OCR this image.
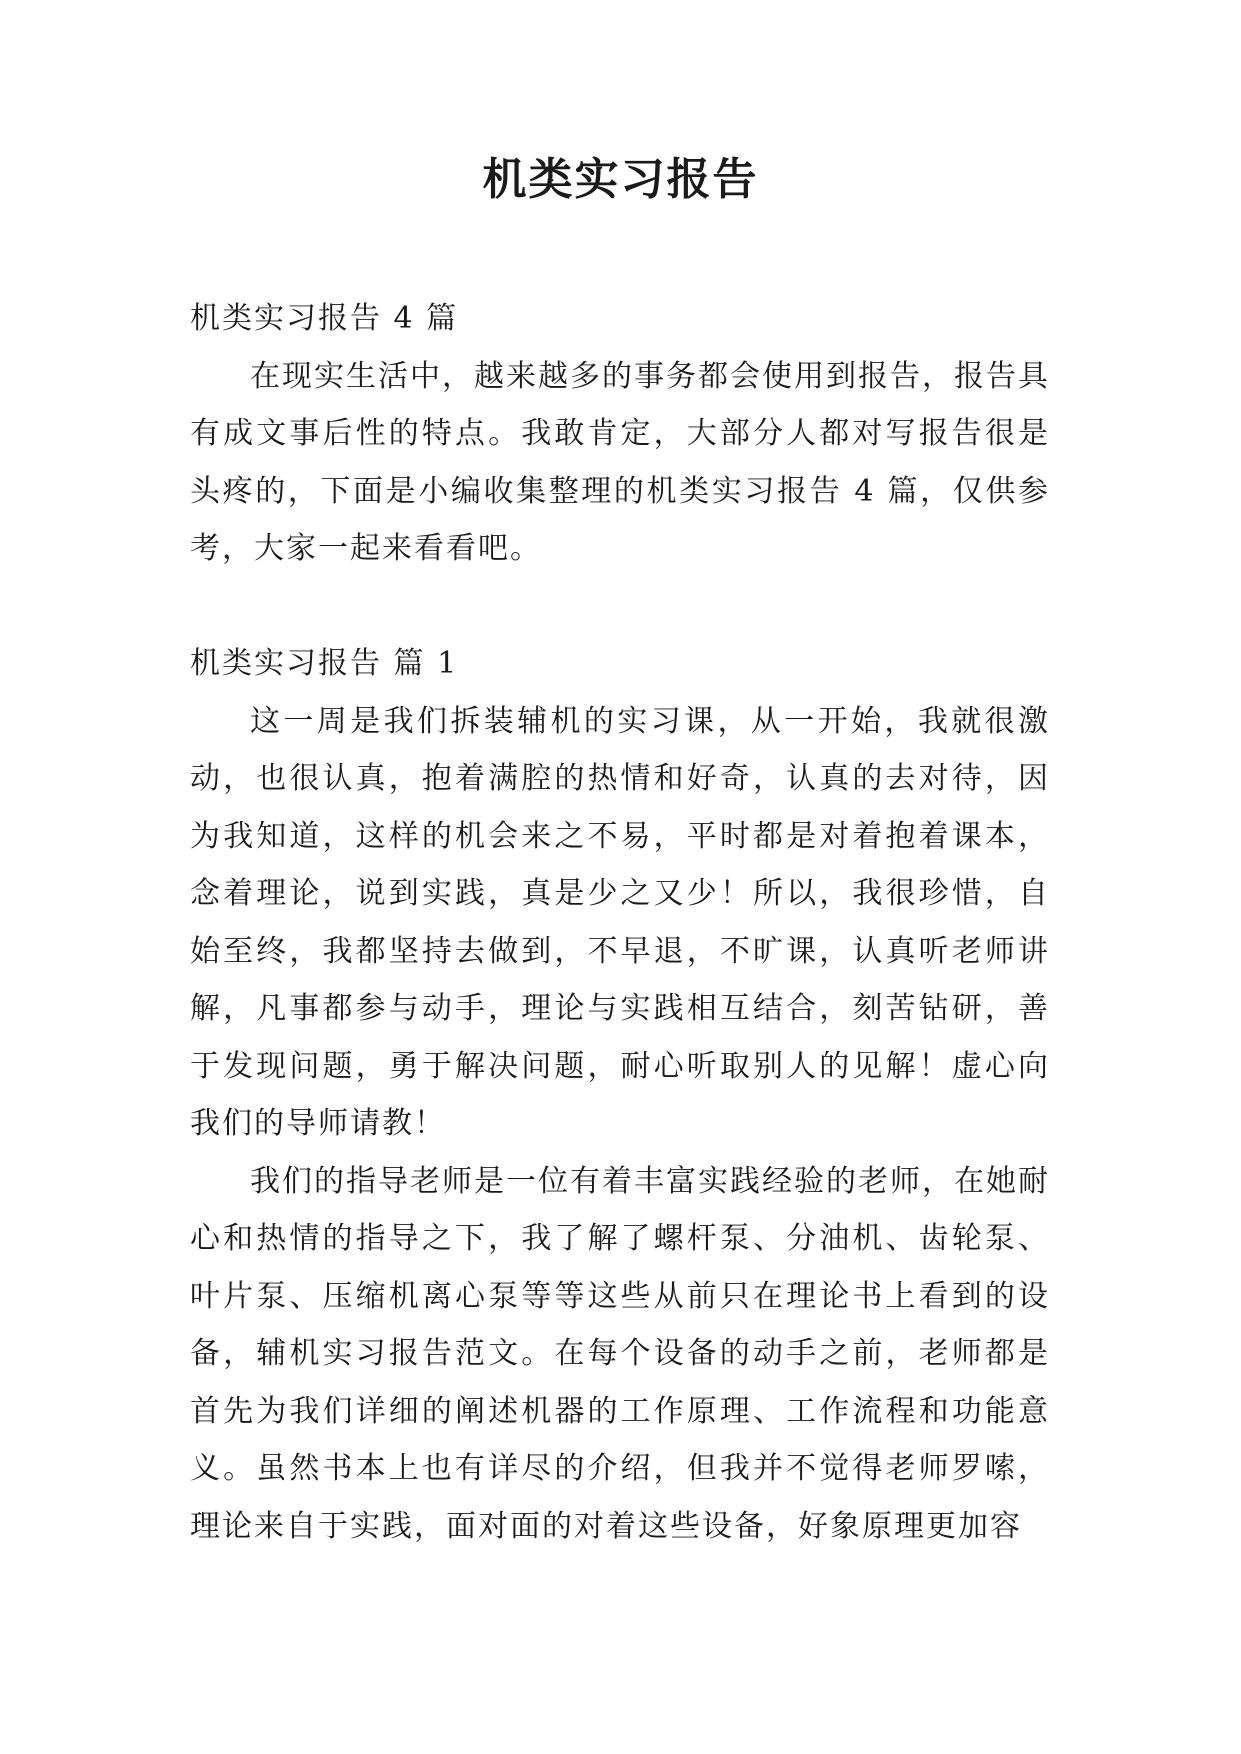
机类实习报告

机类实习报告 4 篇

在现实生活中，越来越多的事务都会使用到报告，报告具有成文事后性的特点。我敢肯定，大部分人都对写报告很是头疼的，下面是小编收集整理的机类实习报告 4 篇，仅供参考，大家一起来看看吧。

机类实习报告 篇 1

这一周是我们拆装辅机的实习课，从一开始，我就很激动，也很认真，抱着满腔的热情和好奇，认真的去对待，因为我知道，这样的机会来之不易，平时都是对着抱着课本，念着理论，说到实践，真是少之又少！所以，我很珍惜，自始至终，我都坚持去做到，不早退，不旷课，认真听老师讲解，凡事都参与动手，理论与实践相互结合，刻苦钻研，善于发现问题，勇于解决问题，耐心听取别人的见解！虚心向我们的导师请教！

我们的指导老师是一位有着丰富实践经验的老师，在她耐心和热情的指导之下，我了解了螺杆泵、分油机、齿轮泵、叶片泵、压缩机离心泵等等这些从前只在理论书上看到的设备，辅机实习报告范文。在每个设备的动手之前，老师都是首先为我们详细的阐述机器的工作原理、工作流程和功能意义。虽然书本上也有详尽的介绍，但我并不觉得老师罗嗦，理论来自于实践，面对面的对着这些设备，好象原理更加容
